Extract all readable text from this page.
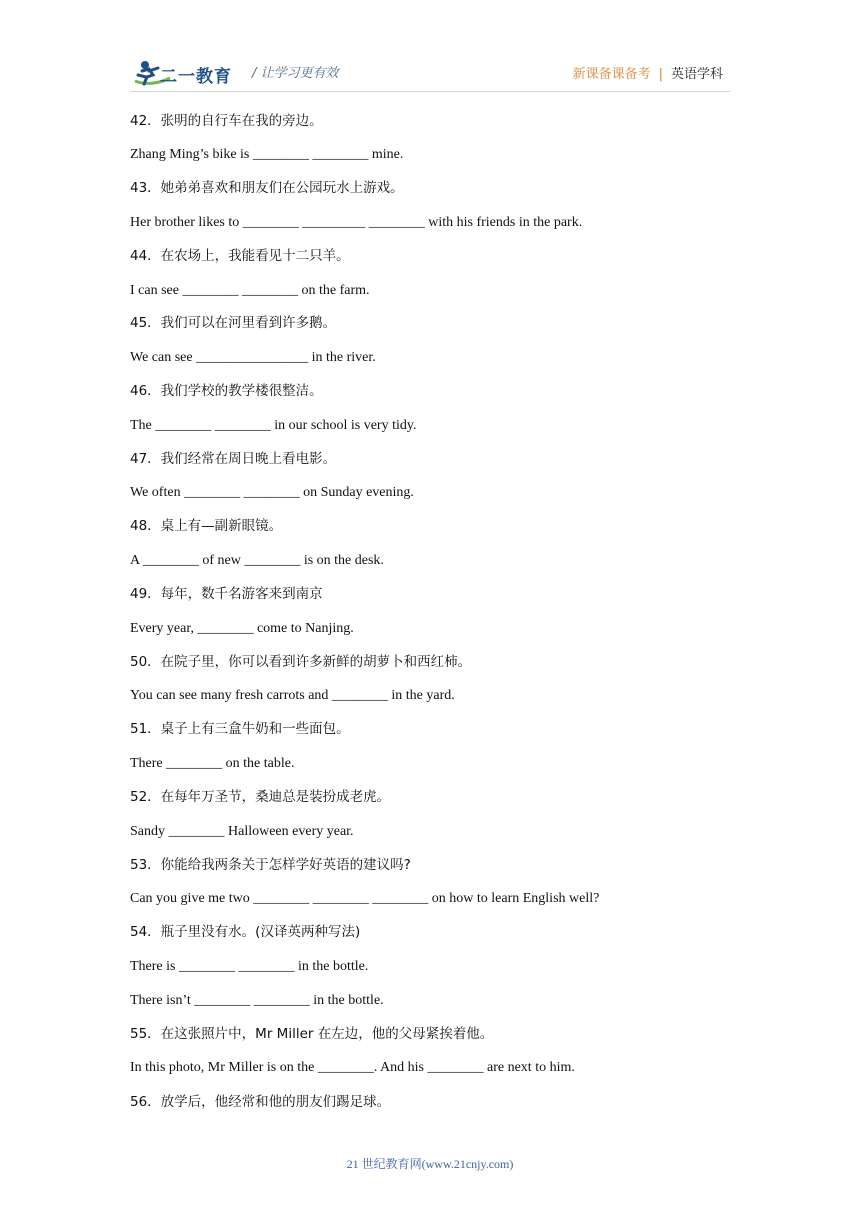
二一教育 / 让学习更有效	新课备课备考 | 英语学科
42．张明的自行车在我的旁边。
Zhang Ming’s bike is ________ ________ mine.
43．她弟弟喜欢和朋友们在公园玩水上游戏。
Her brother likes to ________ _________ ________ with his friends in the park.
44．在农场上，我能看见十二只羊。
I can see ________ ________ on the farm.
45．我们可以在河里看到许多鹅。
We can see ________________ in the river.
46．我们学校的教学楼很整洁。
The ________ ________ in our school is very tidy.
47．我们经常在周日晚上看电影。
We often ________ ________ on Sunday evening.
48．桌上有—副新眼镜。
A ________ of new ________ is on the desk.
49．每年，数千名游客来到南京
Every year, ________ come to Nanjing.
50．在院子里，你可以看到许多新鲜的胡萝卜和西红柿。
You can see many fresh carrots and ________ in the yard.
51．桌子上有三盒牛奶和一些面包。
There ________ on the table.
52．在每年万圣节，桑迪总是装扮成老虎。
Sandy ________ Halloween every year.
53．你能给我两条关于怎样学好英语的建议吗?
Can you give me two ________ ________ ________ on how to learn English well?
54．瓶子里没有水。(汉译英两种写法)
There is ________ ________ in the bottle.
There isn’t ________ ________ in the bottle.
55．在这张照片中，Mr Miller 在左边，他的父母紧挨着他。
In this photo, Mr Miller is on the ________. And his ________ are next to him.
56．放学后，他经常和他的朋友们踢足球。
21 世纪教育网(www.21cnjy.com)
